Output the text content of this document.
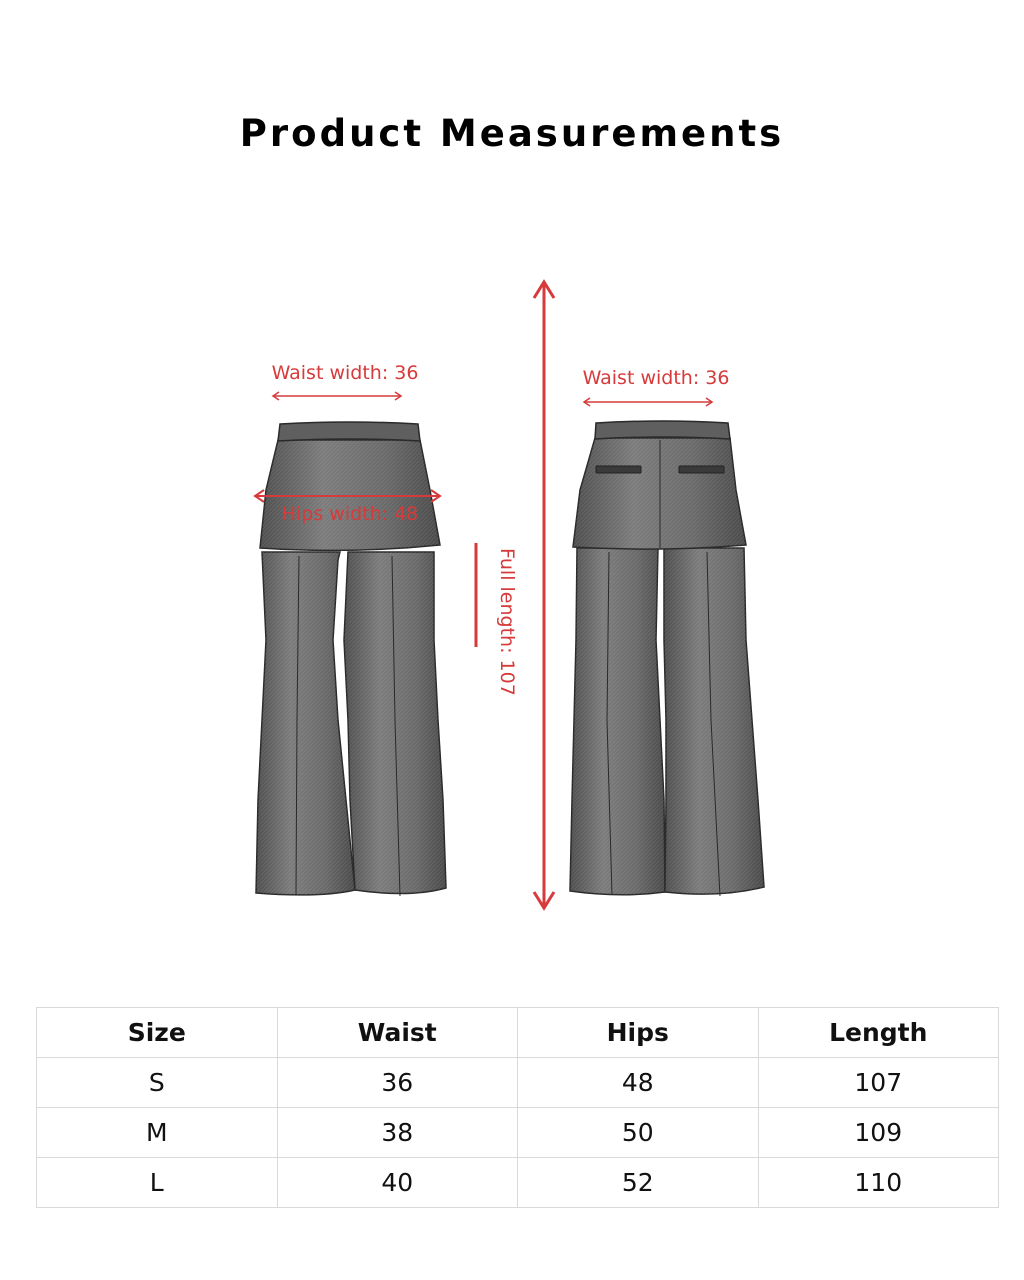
Product Measurements
Waist width: 36
Hips width: 48
Full length: 107
Waist width: 36
Size	Waist	Hips	Length
S	36	48	107
M	38	50	109
L	40	52	110
